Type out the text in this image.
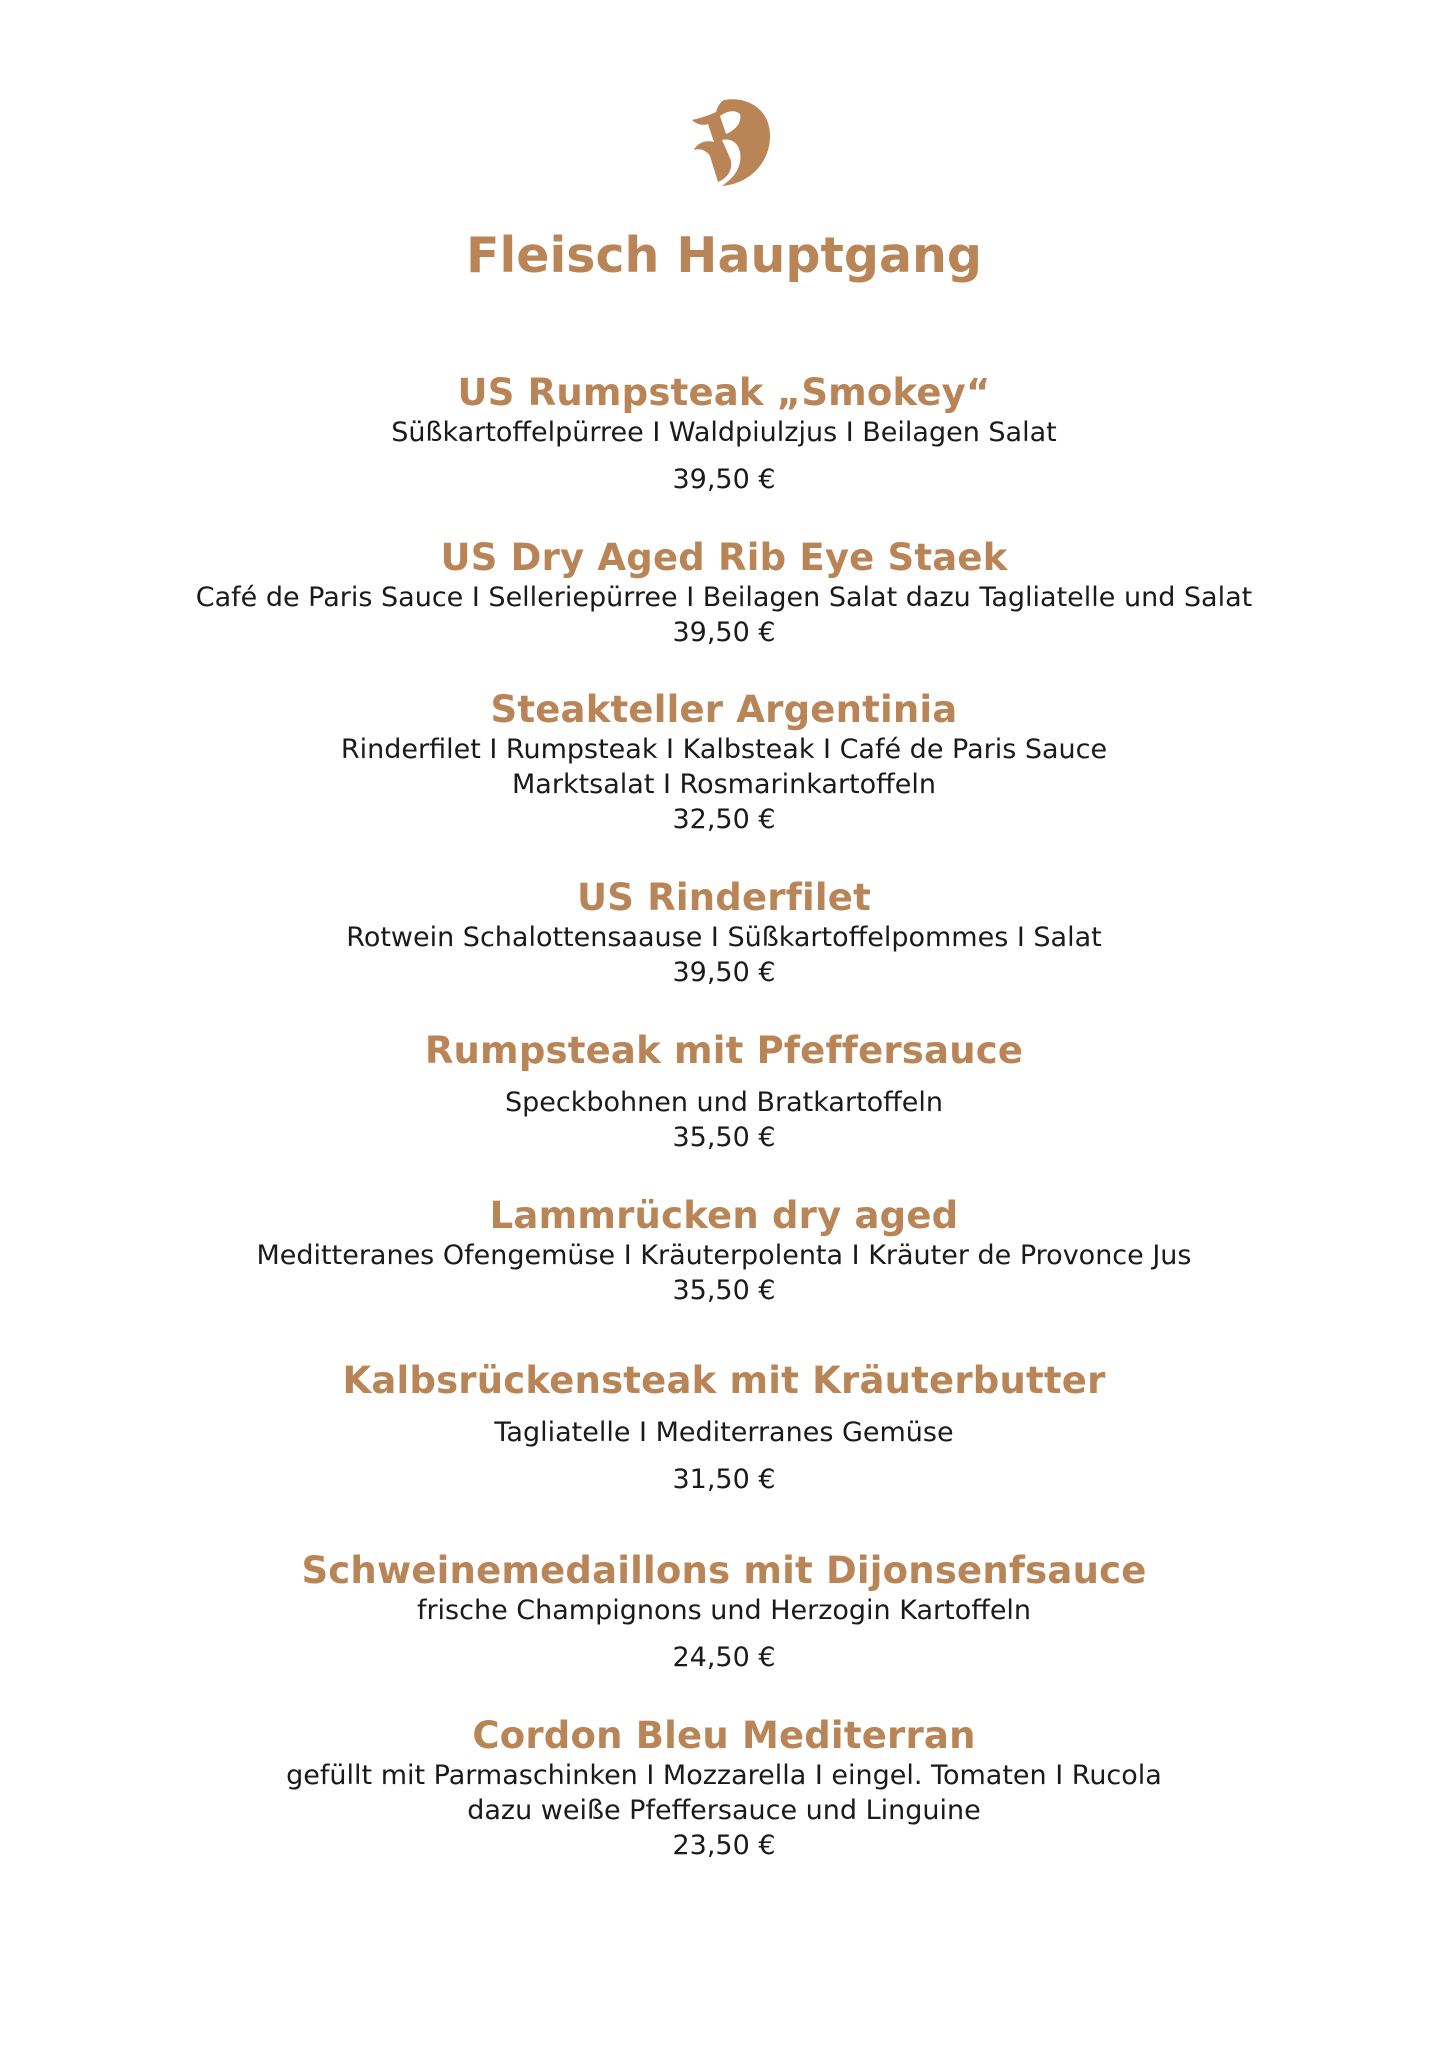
Fleisch Hauptgang
US Rumpsteak „Smokey“
Süßkartoffelpürree I Waldpiulzjus I Beilagen Salat
39,50 €
US Dry Aged Rib Eye Staek
Café de Paris Sauce I Selleriepürree I Beilagen Salat dazu Tagliatelle und Salat
39,50 €
Steakteller Argentinia
Rinderfilet I Rumpsteak I Kalbsteak I Café de Paris Sauce
Marktsalat I Rosmarinkartoffeln
32,50 €
US Rinderfilet
Rotwein Schalottensaause I Süßkartoffelpommes I Salat
39,50 €
Rumpsteak mit Pfeffersauce
Speckbohnen und Bratkartoffeln
35,50 €
Lammrücken dry aged
Meditteranes Ofengemüse I Kräuterpolenta I Kräuter de Provonce Jus
35,50 €
Kalbsrückensteak mit Kräuterbutter
Tagliatelle I Mediterranes Gemüse
31,50 €
Schweinemedaillons mit Dijonsenfsauce
frische Champignons und Herzogin Kartoffeln
24,50 €
Cordon Bleu Mediterran
gefüllt mit Parmaschinken I Mozzarella I eingel. Tomaten I Rucola
dazu weiße Pfeffersauce und Linguine
23,50 €
